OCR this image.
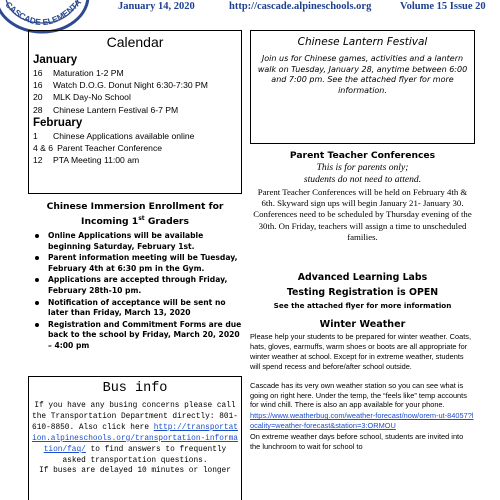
CASCADE ELEMENTA	January 14, 2020	http://cascade.alpineschools.org	Volume 15 Issue 20
Calendar
January
16	Maturation 1-2 PM
16	Watch D.O.G. Donut Night 6:30-7:30 PM
20	MLK Day-No School
28	Chinese Lantern Festival 6-7 PM
February
1	Chinese Applications available online
4 & 6 Parent Teacher Conference
12	PTA Meeting 11:00 am
Chinese Immersion Enrollment for
Incoming 1st Graders
Online Applications will be available beginning Saturday, February 1st.
Parent information meeting will be Tuesday, February 4th at 6:30 pm in the Gym.
Applications are accepted through Friday, February 28th-10 pm.
Notification of acceptance will be sent no later than Friday, March 13, 2020
Registration and Commitment Forms are due back to the school by Friday, March 20, 2020 – 4:00 pm
Bus info
If you have any busing concerns please call the Transportation Department directly: 801-610-8850. Also click here http://transportation.alpineschools.org/transportation-information/faq/ to find answers to frequently asked transportation questions.
If buses are delayed 10 minutes or longer
Chinese Lantern Festival
Join us for Chinese games, activities and a lantern walk on Tuesday, January 28, anytime between 6:00 and 7:00 pm. See the attached flyer for more information.
Parent Teacher Conferences
This is for parents only;
students do not need to attend.
Parent Teacher Conferences will be held on February 4th & 6th. Skyward sign ups will begin January 21- January 30. Conferences need to be scheduled by Thursday evening of the 30th. On Friday, teachers will assign a time to unscheduled families.
Advanced Learning Labs
Testing Registration is OPEN
See the attached flyer for more information
Winter Weather
Please help your students to be prepared for winter weather. Coats, hats, gloves, earmuffs, warm shoes or boots are all appropriate for winter weather at school. Except for in extreme weather, students will spend recess and before/after school outside.
Cascade has its very own weather station so you can see what is going on right here. Under the temp, the “feels like” temp accounts for wind chill. There is also an app available for your phone.
https://www.weatherbug.com/weather-forecast/now/orem-ut-84057?locality=weather-forecast&station=3:ORMOU
On extreme weather days before school, students are invited into the lunchroom to wait for school to
